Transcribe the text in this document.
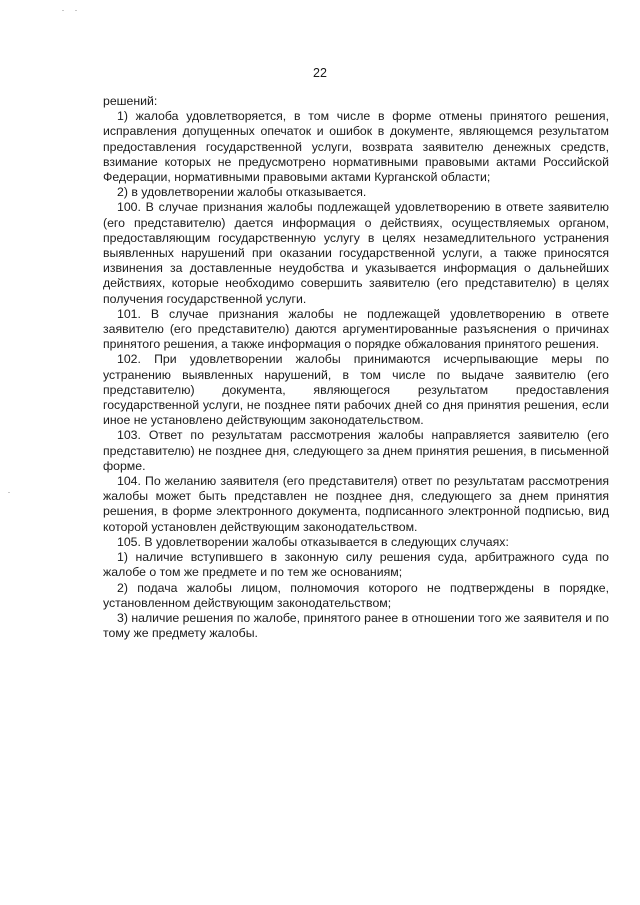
22

решений:

1) жалоба удовлетворяется, в том числе в форме отмены принятого решения, исправления допущенных опечаток и ошибок в документе, являющемся результатом предоставления государственной услуги, возврата заявителю денежных средств, взимание которых не предусмотрено нормативными правовыми актами Российской Федерации, нормативными правовыми актами Курганской области;

2) в удовлетворении жалобы отказывается.

100. В случае признания жалобы подлежащей удовлетворению в ответе заявителю (его представителю) дается информация о действиях, осуществляемых органом, предоставляющим государственную услугу в целях незамедлительного устранения выявленных нарушений при оказании государственной услуги, а также приносятся извинения за доставленные неудобства и указывается информация о дальнейших действиях, которые необходимо совершить заявителю (его представителю) в целях получения государственной услуги.

101. В случае признания жалобы не подлежащей удовлетворению в ответе заявителю (его представителю) даются аргументированные разъяснения о причинах принятого решения, а также информация о порядке обжалования принятого решения.

102. При удовлетворении жалобы принимаются исчерпывающие меры по устранению выявленных нарушений, в том числе по выдаче заявителю (его представителю) документа, являющегося результатом предоставления государственной услуги, не позднее пяти рабочих дней со дня принятия решения, если иное не установлено действующим законодательством.

103. Ответ по результатам рассмотрения жалобы направляется заявителю (его представителю) не позднее дня, следующего за днем принятия решения, в письменной форме.

104. По желанию заявителя (его представителя) ответ по результатам рассмотрения жалобы может быть представлен не позднее дня, следующего за днем принятия решения, в форме электронного документа, подписанного электронной подписью, вид которой установлен действующим законодательством.

105. В удовлетворении жалобы отказывается в следующих случаях:

1) наличие вступившего в законную силу решения суда, арбитражного суда по жалобе о том же предмете и по тем же основаниям;

2) подача жалобы лицом, полномочия которого не подтверждены в порядке, установленном действующим законодательством;

3) наличие решения по жалобе, принятого ранее в отношении того же заявителя и по тому же предмету жалобы.
